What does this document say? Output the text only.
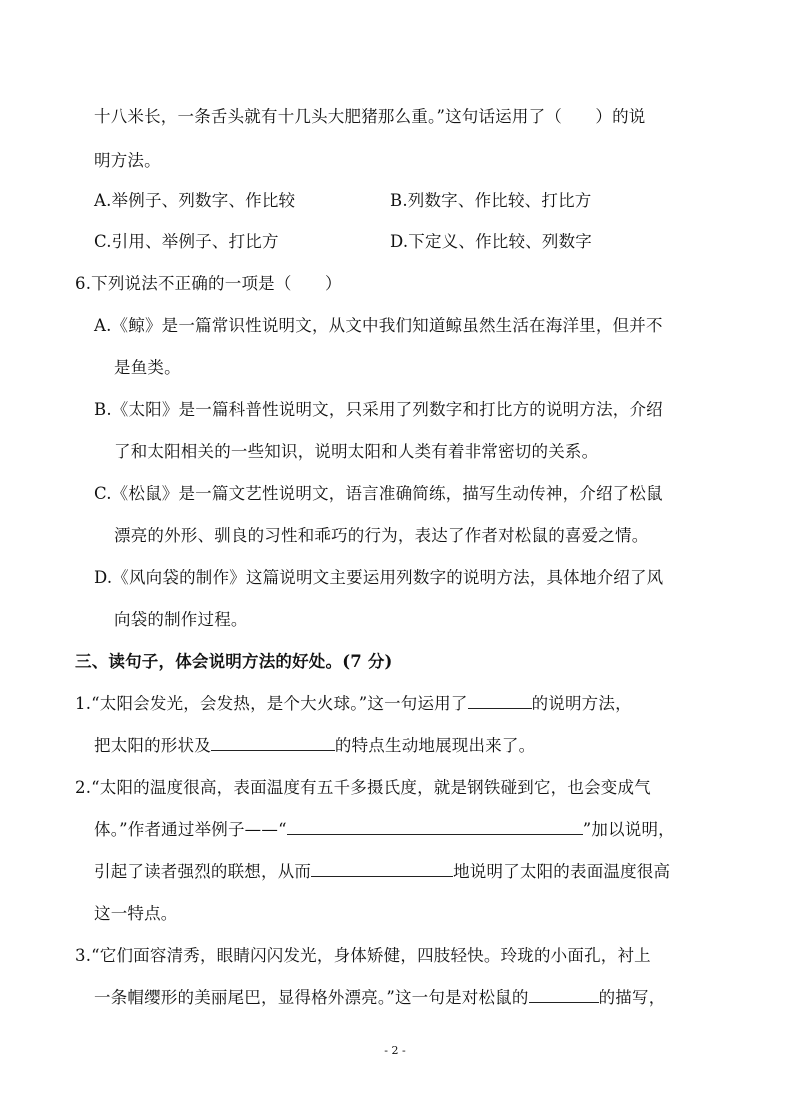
十八米长，一条舌头就有十几头大肥猪那么重。”这句话运用了（　　）的说
明方法。
A.举例子、列数字、作比较	B.列数字、作比较、打比方
C.引用、举例子、打比方	D.下定义、作比较、列数字
6.下列说法不正确的一项是（　　）
A.《鲸》是一篇常识性说明文，从文中我们知道鲸虽然生活在海洋里，但并不
是鱼类。
B.《太阳》是一篇科普性说明文，只采用了列数字和打比方的说明方法，介绍
了和太阳相关的一些知识，说明太阳和人类有着非常密切的关系。
C.《松鼠》是一篇文艺性说明文，语言准确简练，描写生动传神，介绍了松鼠
漂亮的外形、驯良的习性和乖巧的行为，表达了作者对松鼠的喜爱之情。
D.《风向袋的制作》这篇说明文主要运用列数字的说明方法，具体地介绍了风
向袋的制作过程。
三、读句子，体会说明方法的好处。(7 分)
1.“太阳会发光，会发热，是个大火球。”这一句运用了	的说明方法，
把太阳的形状及	的特点生动地展现出来了。
2.“太阳的温度很高，表面温度有五千多摄氏度，就是钢铁碰到它，也会变成气
体。”作者通过举例子——“	”加以说明，
引起了读者强烈的联想，从而	地说明了太阳的表面温度很高
这一特点。
3.“它们面容清秀，眼睛闪闪发光，身体矫健，四肢轻快。玲珑的小面孔，衬上
一条帽缨形的美丽尾巴，显得格外漂亮。”这一句是对松鼠的	的描写，
- 2 -
